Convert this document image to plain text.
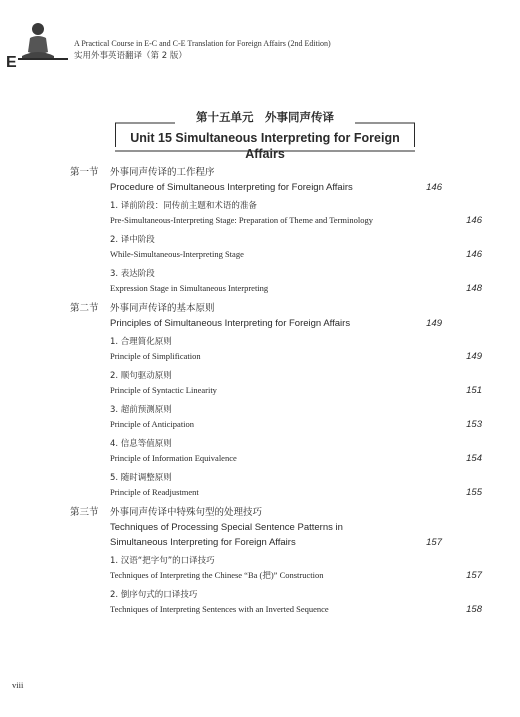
E
A Practical Course in E-C and C-E Translation for Foreign Affairs (2nd Edition)
实用外事英语翻译（第 2 版）
第十五单元　外事同声传译
Unit 15 Simultaneous Interpreting for Foreign Affairs
第一节 外事同声传译的工作程序
Procedure of Simultaneous Interpreting for Foreign Affairs	146
1. 译前阶段：同传前主题和术语的准备
Pre-Simultaneous-Interpreting Stage: Preparation of Theme and Terminology	146
2. 译中阶段
While-Simultaneous-Interpreting Stage	146
3. 表达阶段
Expression Stage in Simultaneous Interpreting	148
第二节 外事同声传译的基本原则
Principles of Simultaneous Interpreting for Foreign Affairs	149
1. 合理简化原则
Principle of Simplification	149
2. 顺句驱动原则
Principle of Syntactic Linearity	151
3. 超前预测原则
Principle of Anticipation	153
4. 信息等值原则
Principle of Information Equivalence	154
5. 随时调整原则
Principle of Readjustment	155
第三节 外事同声传译中特殊句型的处理技巧
Techniques of Processing Special Sentence Patterns in Simultaneous Interpreting for Foreign Affairs	157
1. 汉语“把字句”的口译技巧
Techniques of Interpreting the Chinese “Ba (把)” Construction	157
2. 倒序句式的口译技巧
Techniques of Interpreting Sentences with an Inverted Sequence	158
viii
